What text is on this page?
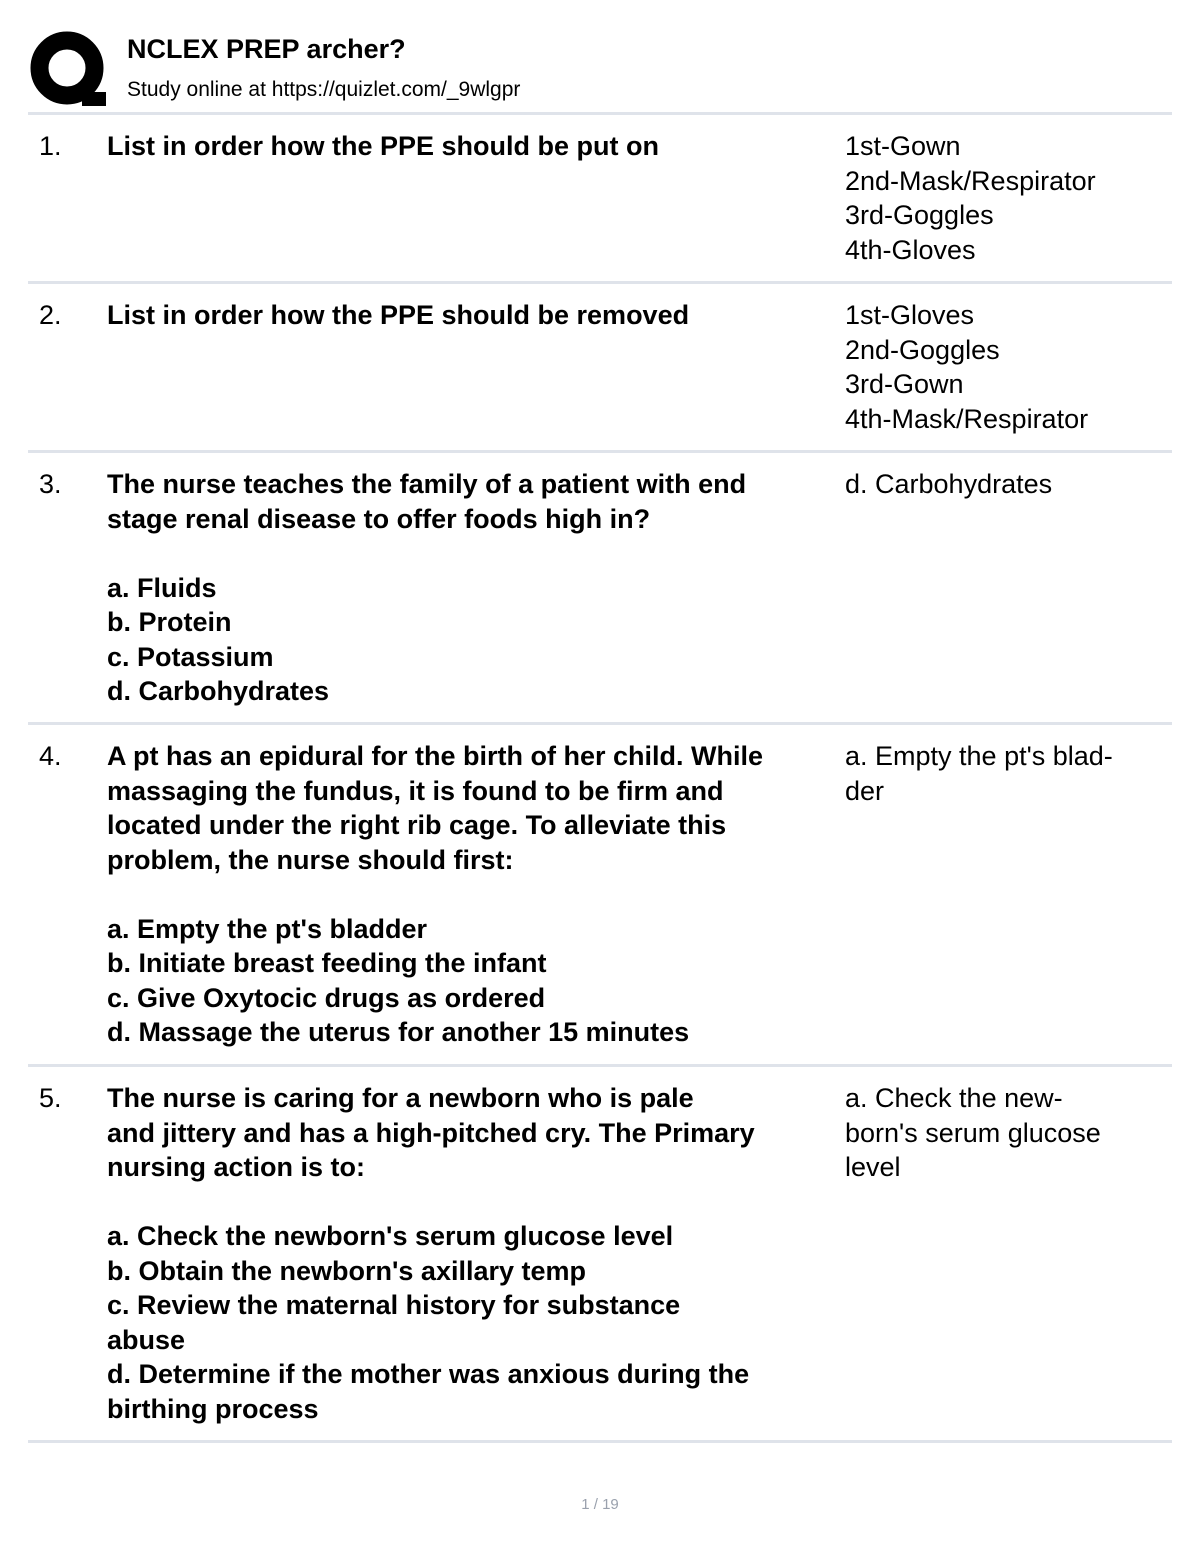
NCLEX PREP archer?
Study online at https://quizlet.com/_9wlgpr
1. List in order how the PPE should be put on	1st-Gown
2nd-Mask/Respirator
3rd-Goggles
4th-Gloves
2. List in order how the PPE should be removed	1st-Gloves
2nd-Goggles
3rd-Gown
4th-Mask/Respirator
3. The nurse teaches the family of a patient with end
stage renal disease to offer foods high in?

a. Fluids
b. Protein
c. Potassium
d. Carbohydrates
d. Carbohydrates
4. A pt has an epidural for the birth of her child. While
massaging the fundus, it is found to be firm and
located under the right rib cage. To alleviate this
problem, the nurse should first:

a. Empty the pt's bladder
b. Initiate breast feeding the infant
c. Give Oxytocic drugs as ordered
d. Massage the uterus for another 15 minutes
a. Empty the pt's blad-
der
5. The nurse is caring for a newborn who is pale
and jittery and has a high-pitched cry. The Primary
nursing action is to:

a. Check the newborn's serum glucose level
b. Obtain the newborn's axillary temp
c. Review the maternal history for substance
abuse
d. Determine if the mother was anxious during the
birthing process
a. Check the new-
born's serum glucose
level
1 / 19
